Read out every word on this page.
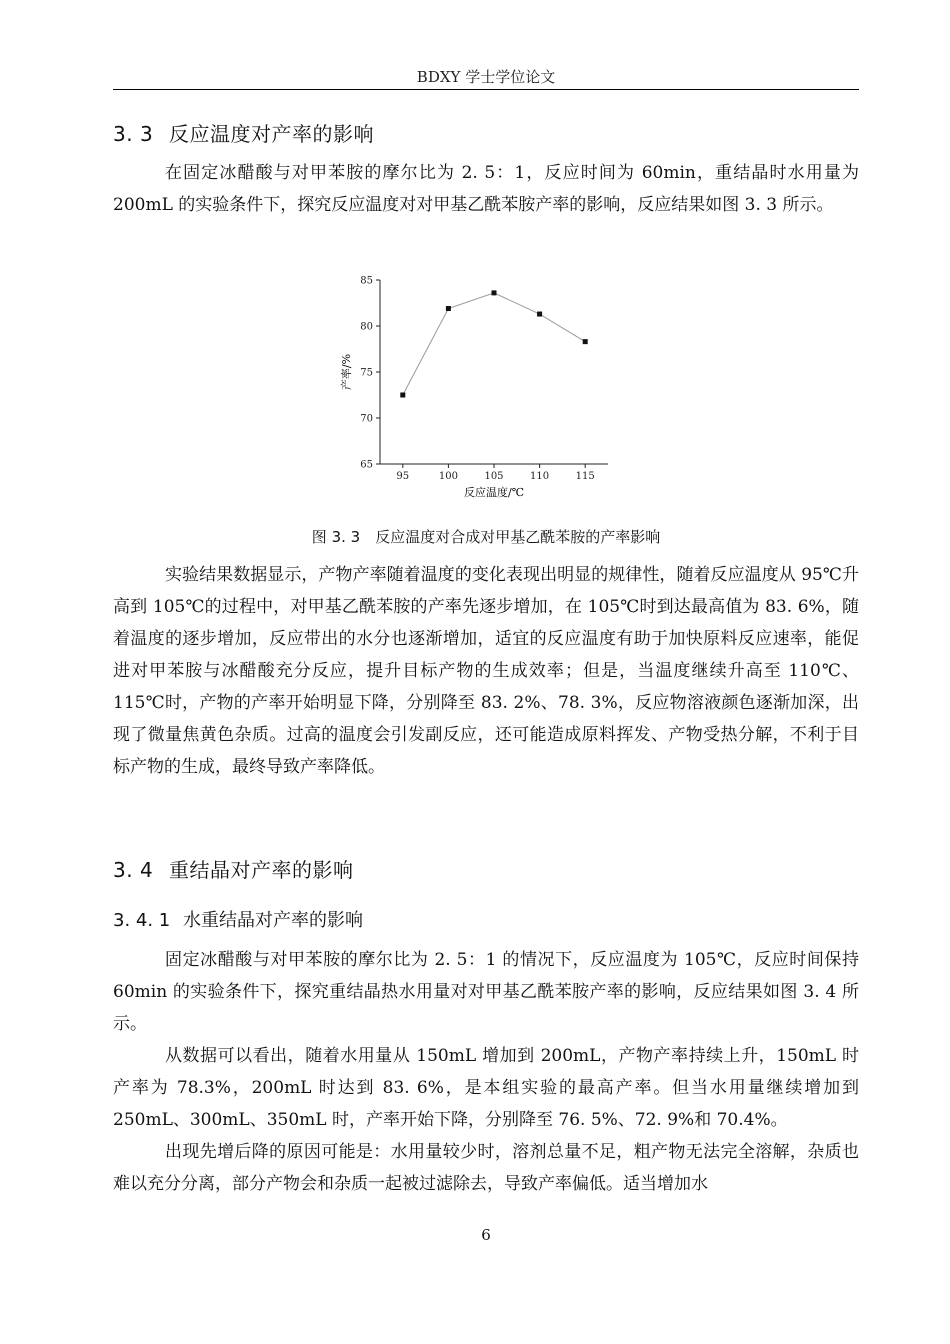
BDXY 学士学位论文
3. 3 反应温度对产率的影响

在固定冰醋酸与对甲苯胺的摩尔比为 2. 5：1，反应时间为 60min，重结晶时水用量为 200mL 的实验条件下，探究反应温度对对甲基乙酰苯胺产率的影响，反应结果如图 3. 3 所示。

65
70
75
80
85
95	100	105	110	115
反应温度/℃
产率/%
图 3. 3　反应温度对合成对甲基乙酰苯胺的产率影响

实验结果数据显示，产物产率随着温度的变化表现出明显的规律性，随着反应温度从 95℃升高到 105℃的过程中，对甲基乙酰苯胺的产率先逐步增加，在 105℃时到达最高值为 83. 6%，随着温度的逐步增加，反应带出的水分也逐渐增加，适宜的反应温度有助于加快原料反应速率，能促进对甲苯胺与冰醋酸充分反应，提升目标产物的生成效率；但是，当温度继续升高至 110℃、115℃时，产物的产率开始明显下降，分别降至 83. 2%、78. 3%，反应物溶液颜色逐渐加深，出现了微量焦黄色杂质。过高的温度会引发副反应，还可能造成原料挥发、产物受热分解，不利于目标产物的生成，最终导致产率降低。

3. 4 重结晶对产率的影响
3. 4. 1 水重结晶对产率的影响

固定冰醋酸与对甲苯胺的摩尔比为 2. 5：1 的情况下，反应温度为 105℃，反应时间保持 60min 的实验条件下，探究重结晶热水用量对对甲基乙酰苯胺产率的影响，反应结果如图 3. 4 所示。

从数据可以看出，随着水用量从 150mL 增加到 200mL，产物产率持续上升，150mL 时产率为 78.3%，200mL 时达到 83. 6%，是本组实验的最高产率。但当水用量继续增加到 250mL、300mL、350mL 时，产率开始下降，分别降至 76. 5%、72. 9%和 70.4%。

出现先增后降的原因可能是：水用量较少时，溶剂总量不足，粗产物无法完全溶解，杂质也难以充分分离，部分产物会和杂质一起被过滤除去，导致产率偏低。适当增加水

6
